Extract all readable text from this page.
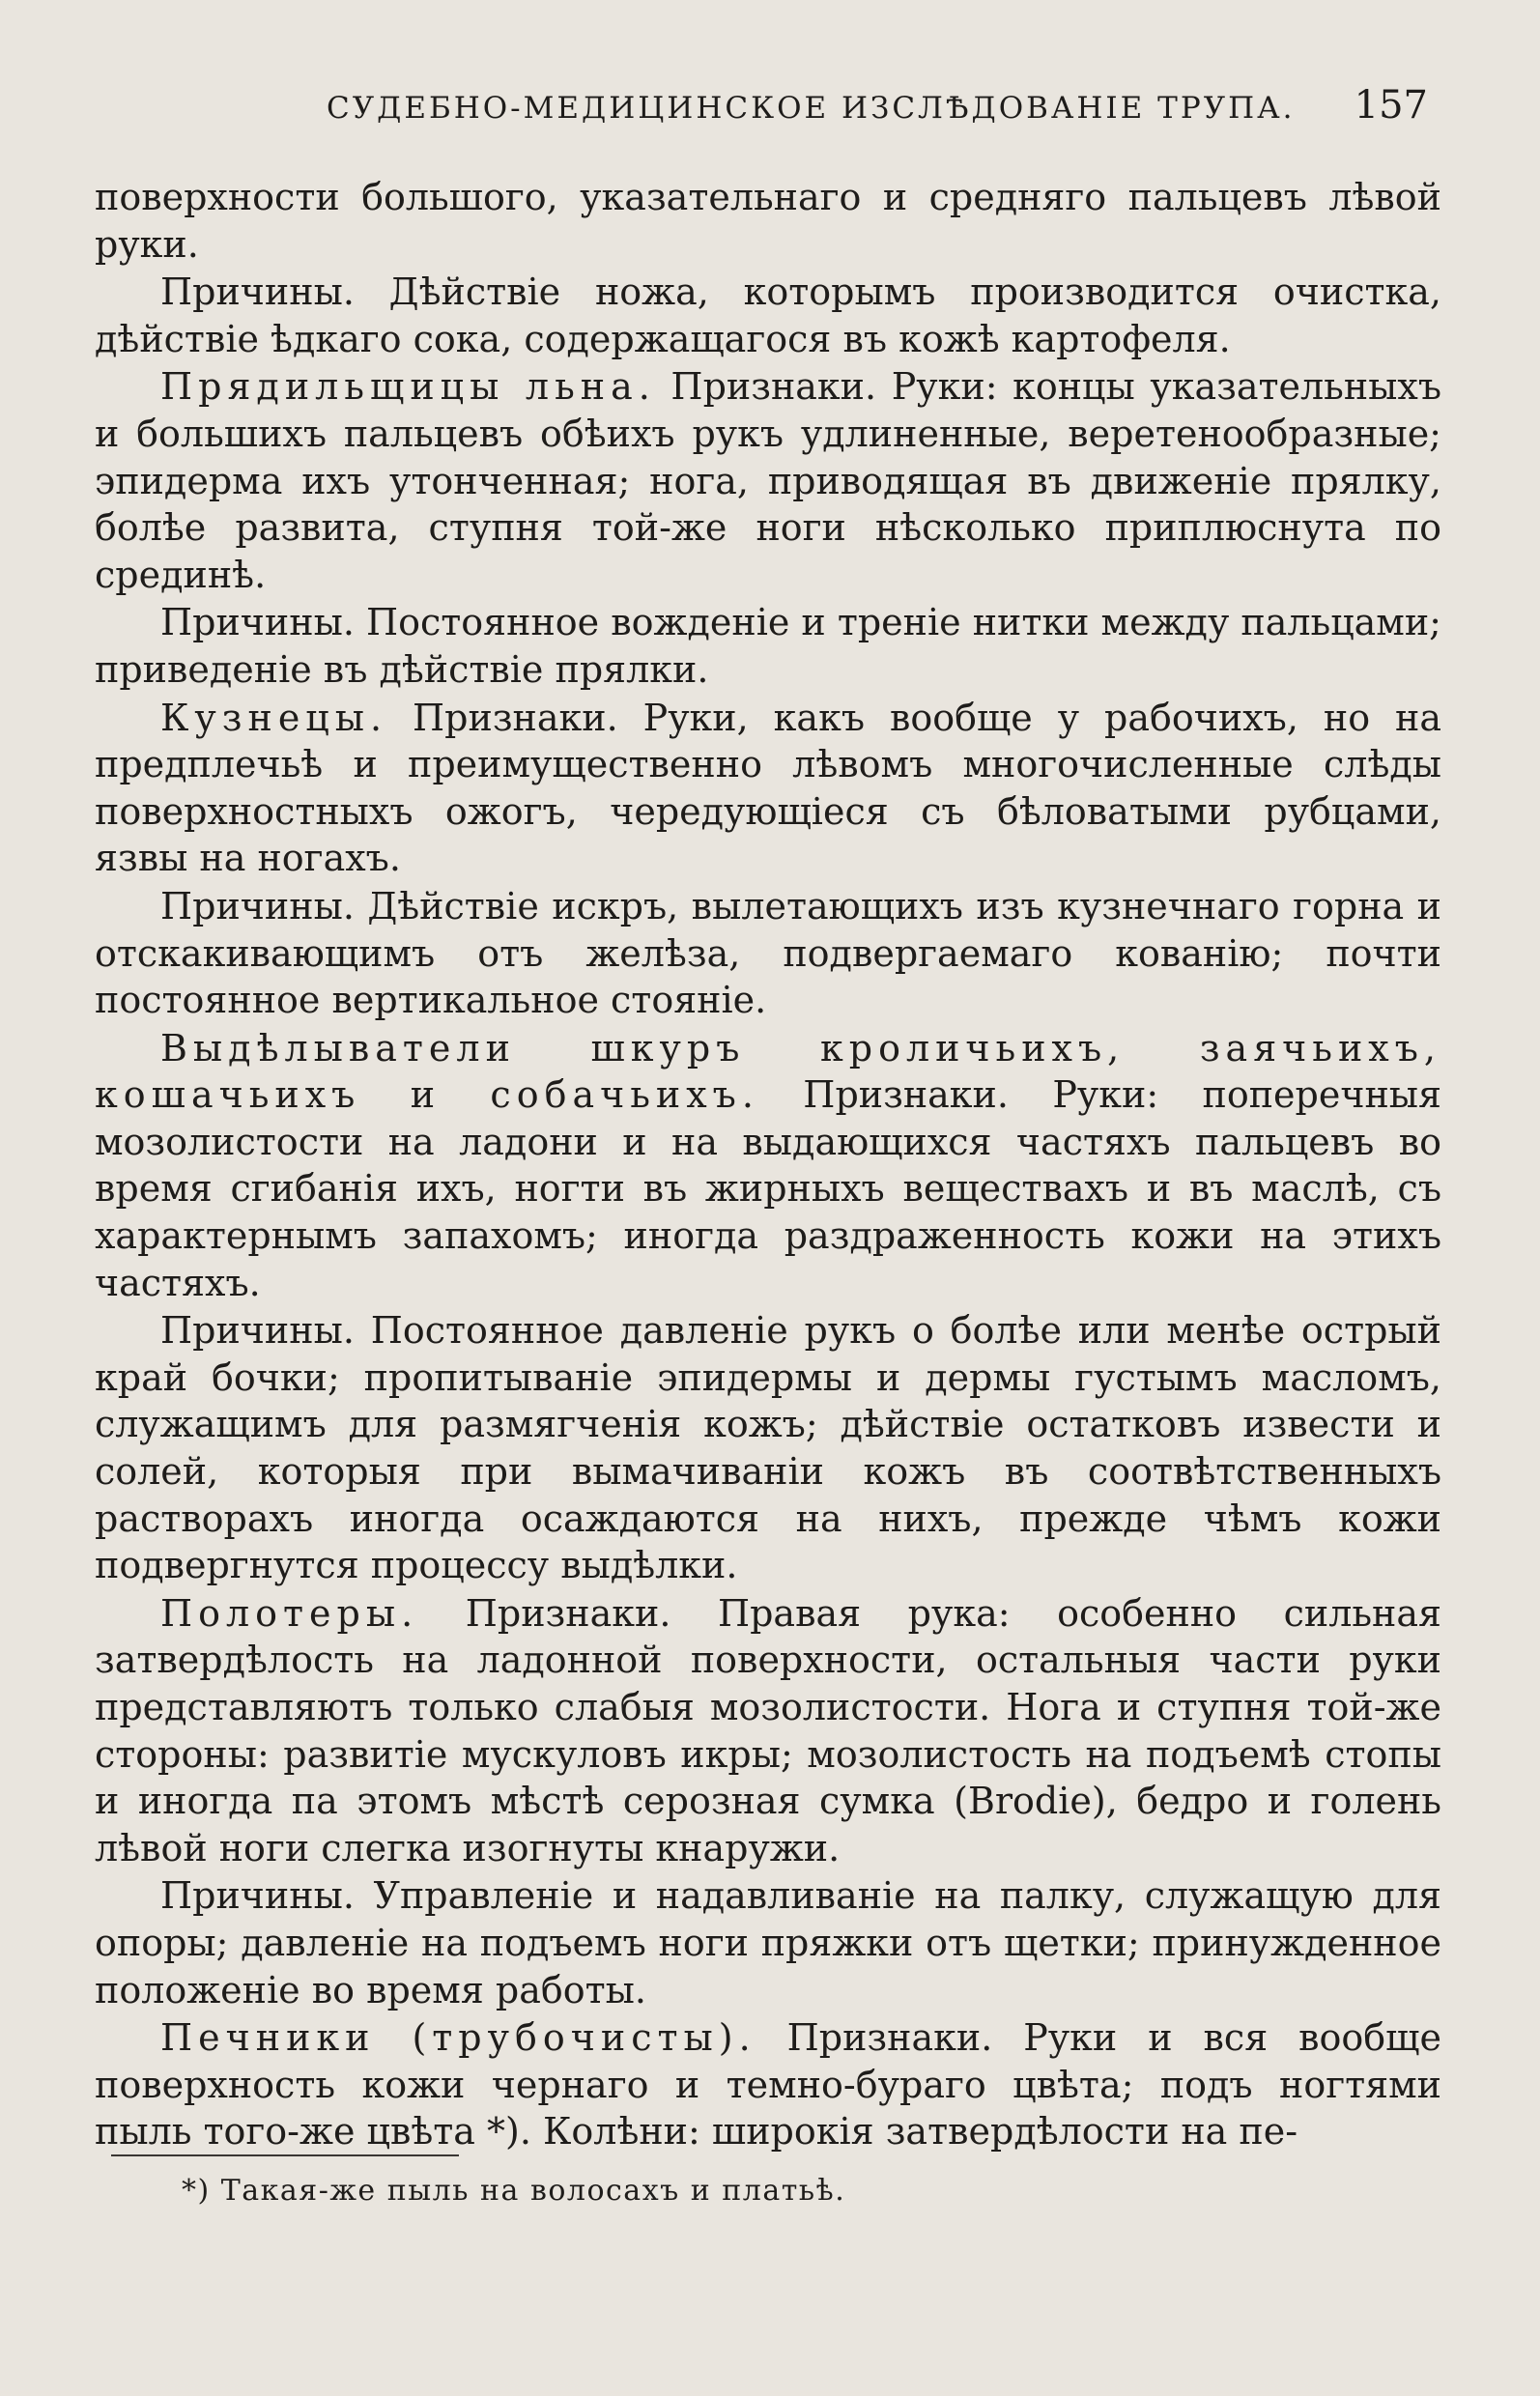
СУДЕБНО-МЕДИЦИНСКОЕ ИЗСЛѢДОВАНІЕ ТРУПА. 157

поверхности большого, указательнаго и средняго пальцевъ лѣвой руки.

Причины. Дѣйствіе ножа, которымъ производится очистка, дѣйствіе ѣдкаго сока, содержащагося въ кожѣ картофеля.

Прядильщицы льна. Признаки. Руки: концы указательныхъ и большихъ пальцевъ обѣихъ рукъ удлиненные, веретенообразные; эпидерма ихъ утонченная; нога, приводящая въ движеніе прялку, болѣе развита, ступня той-же ноги нѣсколько приплюснута по срединѣ.

Причины. Постоянное вожденіе и треніе нитки между пальцами; приведеніе въ дѣйствіе прялки.

Кузнецы. Признаки. Руки, какъ вообще у рабочихъ, но на предплечьѣ и преимущественно лѣвомъ многочисленные слѣды поверхностныхъ ожогъ, чередующіеся съ бѣловатыми рубцами, язвы на ногахъ.

Причины. Дѣйствіе искръ, вылетающихъ изъ кузнечнаго горна и отскакивающимъ отъ желѣза, подвергаемаго кованію; почти постоянное вертикальное стояніе.

Выдѣлыватели шкуръ кроличьихъ, заячьихъ, кошачьихъ и собачьихъ. Признаки. Руки: поперечныя мозолистости на ладони и на выдающихся частяхъ пальцевъ во время сгибанія ихъ, ногти въ жирныхъ веществахъ и въ маслѣ, съ характернымъ запахомъ; иногда раздраженность кожи на этихъ частяхъ.

Причины. Постоянное давленіе рукъ о болѣе или менѣе острый край бочки; пропитываніе эпидермы и дермы густымъ масломъ, служащимъ для размягченія кожъ; дѣйствіе остатковъ извести и солей, которыя при вымачиваніи кожъ въ соотвѣтственныхъ растворахъ иногда осаждаются на нихъ, прежде чѣмъ кожи подвергнутся процессу выдѣлки.

Полотеры. Признаки. Правая рука: особенно сильная затвердѣлость на ладонной поверхности, остальныя части руки представляютъ только слабыя мозолистости. Нога и ступня той-же стороны: развитіе мускуловъ икры; мозолистость на подъемѣ стопы и иногда па этомъ мѣстѣ серозная сумка (Brodie), бедро и голень лѣвой ноги слегка изогнуты кнаружи.

Причины. Управленіе и надавливаніе на палку, служащую для опоры; давленіе на подъемъ ноги пряжки отъ щетки; принужденное положеніе во время работы.

Печники (трубочисты). Признаки. Руки и вся вообще поверхность кожи чернаго и темно-бураго цвѣта; подъ ногтями пыль того-же цвѣта *). Колѣни: широкія затвердѣлости на пе-

*) Такая-же пыль на волосахъ и платьѣ.
